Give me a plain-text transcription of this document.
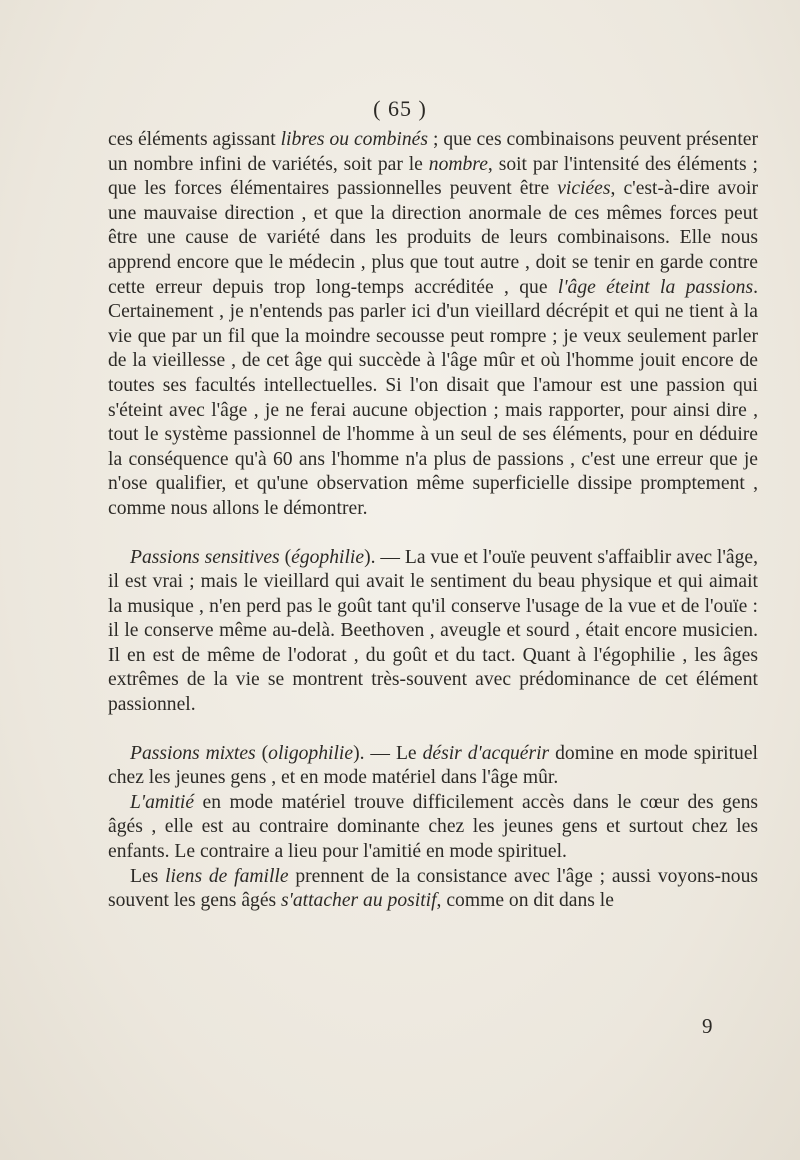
( 65 )

ces éléments agissant libres ou combinés ; que ces combinaisons peuvent présenter un nombre infini de variétés, soit par le nombre, soit par l'intensité des éléments ; que les forces élémentaires passionnelles peuvent être viciées, c'est-à-dire avoir une mauvaise direction , et que la direction anormale de ces mêmes forces peut être une cause de variété dans les produits de leurs combinaisons. Elle nous apprend encore que le médecin , plus que tout autre , doit se tenir en garde contre cette erreur depuis trop long-temps accréditée , que l'âge éteint la passions. Certainement , je n'entends pas parler ici d'un vieillard décrépit et qui ne tient à la vie que par un fil que la moindre secousse peut rompre ; je veux seulement parler de la vieillesse , de cet âge qui succède à l'âge mûr et où l'homme jouit encore de toutes ses facultés intellectuelles. Si l'on disait que l'amour est une passion qui s'éteint avec l'âge , je ne ferai aucune objection ; mais rapporter, pour ainsi dire , tout le système passionnel de l'homme à un seul de ses éléments, pour en déduire la conséquence qu'à 60 ans l'homme n'a plus de passions , c'est une erreur que je n'ose qualifier, et qu'une observation même superficielle dissipe promptement , comme nous allons le démontrer.

Passions sensitives (égophilie). — La vue et l'ouïe peuvent s'affaiblir avec l'âge, il est vrai ; mais le vieillard qui avait le sentiment du beau physique et qui aimait la musique , n'en perd pas le goût tant qu'il conserve l'usage de la vue et de l'ouïe : il le conserve même au-delà. Beethoven , aveugle et sourd , était encore musicien. Il en est de même de l'odorat , du goût et du tact. Quant à l'égophilie , les âges extrêmes de la vie se montrent très-souvent avec prédominance de cet élément passionnel.

Passions mixtes (oligophilie). — Le désir d'acquérir domine en mode spirituel chez les jeunes gens , et en mode matériel dans l'âge mûr.

L'amitié en mode matériel trouve difficilement accès dans le cœur des gens âgés , elle est au contraire dominante chez les jeunes gens et surtout chez les enfants. Le contraire a lieu pour l'amitié en mode spirituel.

Les liens de famille prennent de la consistance avec l'âge ; aussi voyons-nous souvent les gens âgés s'attacher au positif, comme on dit dans le

9
